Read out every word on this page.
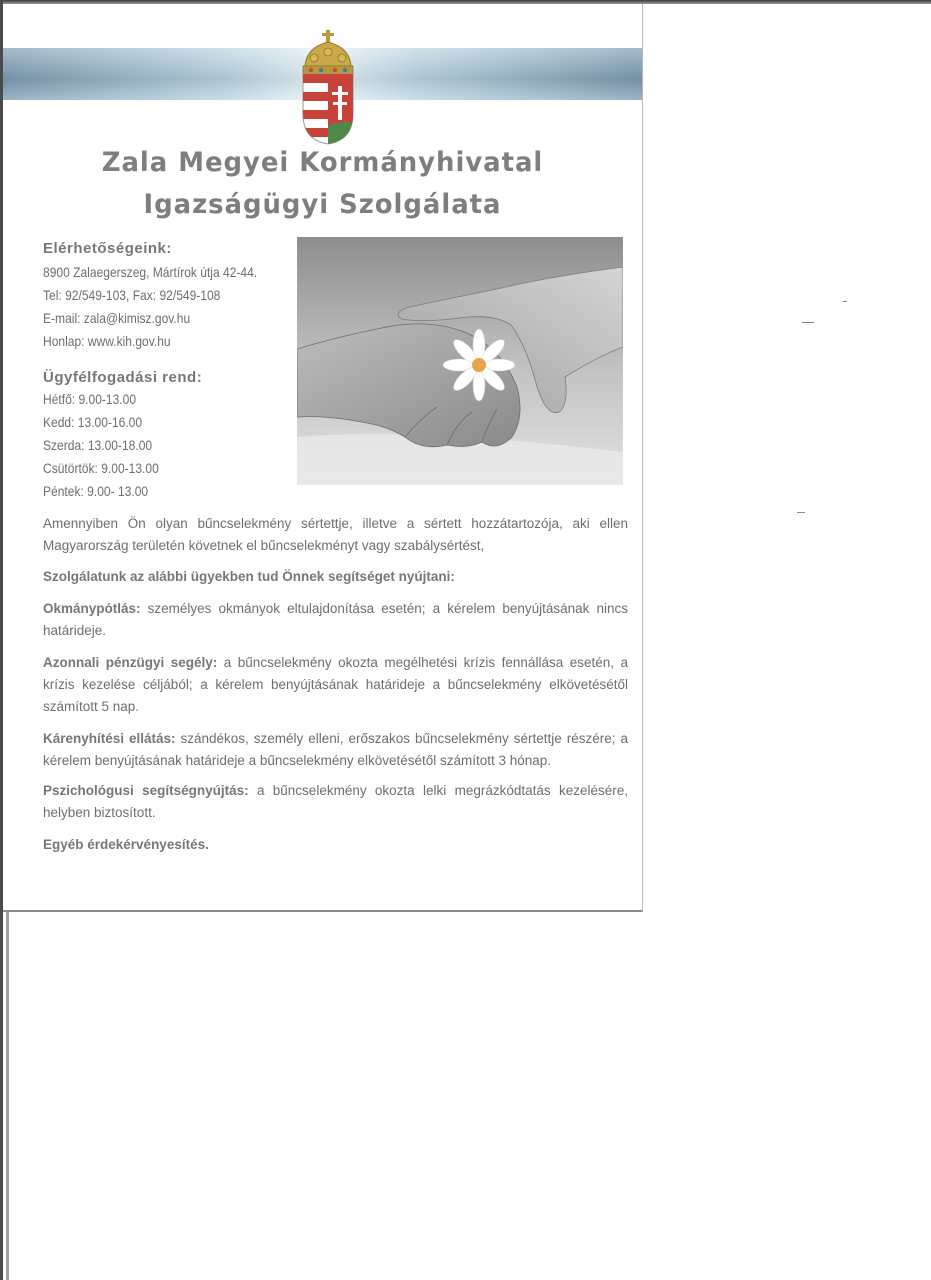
Zala Megyei Kormányhivatal
Igazságügyi Szolgálata

Elérhetőségeink:

8900 Zalaegerszeg, Mártírok útja 42-44.

Tel: 92/549-103, Fax: 92/549-108

E-mail: zala@kimisz.gov.hu

Honlap: www.kih.gov.hu

Ügyfélfogadási rend:

Hétfő: 9.00-13.00

Kedd: 13.00-16.00

Szerda: 13.00-18.00

Csütörtök: 9.00-13.00

Péntek: 9.00- 13.00

Amennyiben Ön olyan bűncselekmény sértettje, illetve a sértett hozzátartozója, aki ellen Magyarország területén követnek el bűncselekményt vagy szabálysértést,

Szolgálatunk az alábbi ügyekben tud Önnek segítséget nyújtani:

Okmánypótlás: személyes okmányok eltulajdonítása esetén; a kérelem benyújtásának nincs határideje.

Azonnali pénzügyi segély: a bűncselekmény okozta megélhetési krízis fennállása esetén, a krízis kezelése céljából; a kérelem benyújtásának határideje a bűncselekmény elkövetésétől számított 5 nap.

Kárenyhítési ellátás: szándékos, személy elleni, erőszakos bűncselekmény sértettje részére; a kérelem benyújtásának határideje a bűncselekmény elkövetésétől számított 3 hónap.

Pszichológusi segítségnyújtás: a bűncselekmény okozta lelki megrázkódtatás kezelésére, helyben biztosított.

Egyéb érdekérvényesítés.
